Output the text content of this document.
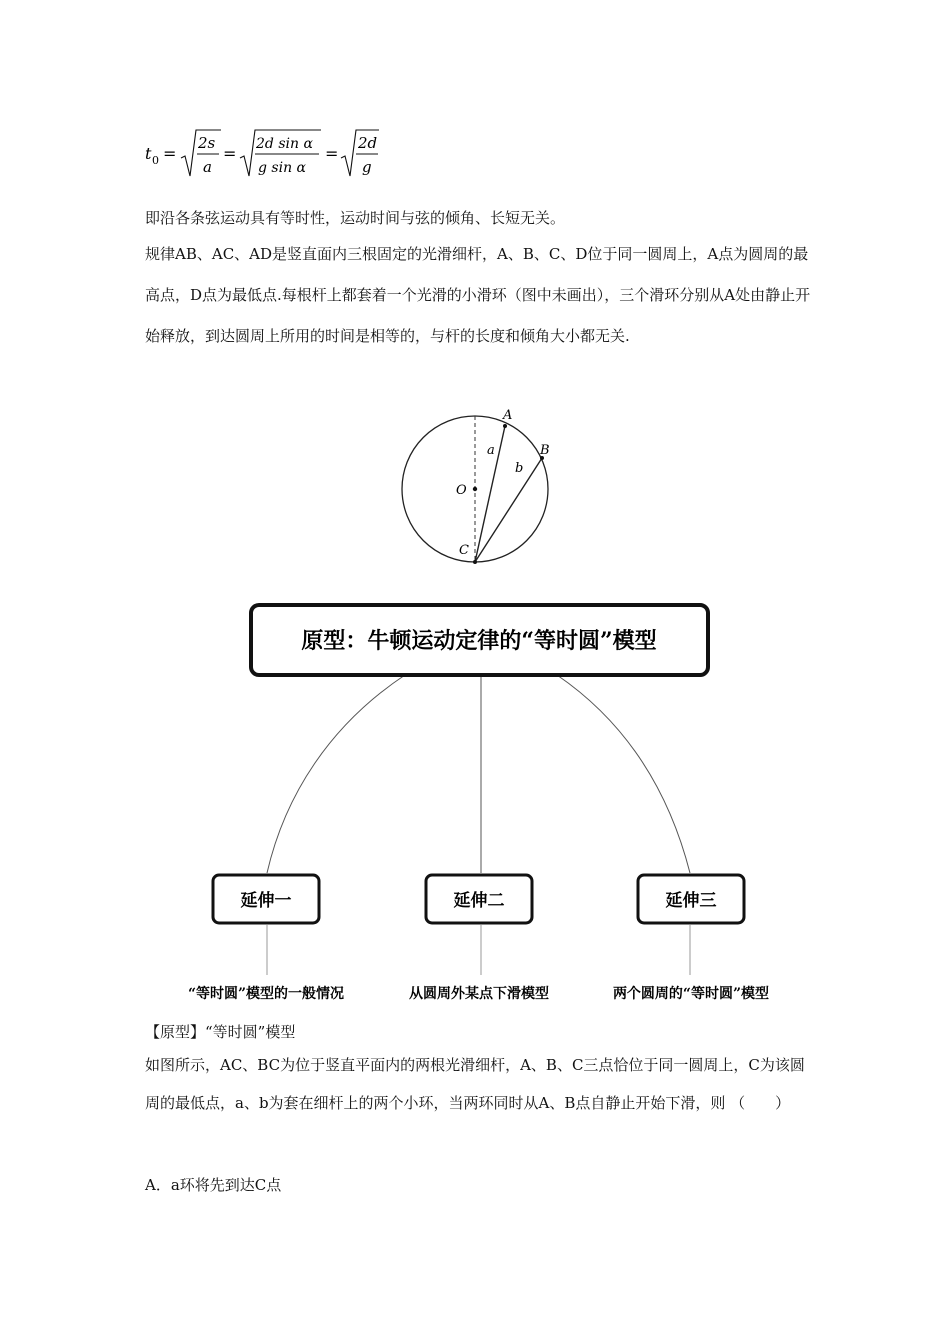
t 0 =
2s
a
= 2d sin α
g sin α
=
2d
g

即沿各条弦运动具有等时性，运动时间与弦的倾角、长短无关。

规律AB、AC、AD是竖直面内三根固定的光滑细杆，A、B、C、D位于同一圆周上，A点为圆周的最高点，D点为最低点.每根杆上都套着一个光滑的小滑环（图中未画出），三个滑环分别从A处由静止开始释放，到达圆周上所用的时间是相等的，与杆的长度和倾角大小都无关.

A
B
C
O
a
b
原型：牛顿运动定律的“等时圆”模型
延伸一	延伸二	延伸三
“等时圆”模型的一般情况	从圆周外某点下滑模型	两个圆周的“等时圆”模型
【原型】“等时圆”模型

如图所示，AC、BC为位于竖直平面内的两根光滑细杆，A、B、C三点恰位于同一圆周上，C为该圆周的最低点，a、b为套在细杆上的两个小环，当两环同时从A、B点自静止开始下滑，则 （　　）

A．a环将先到达C点
